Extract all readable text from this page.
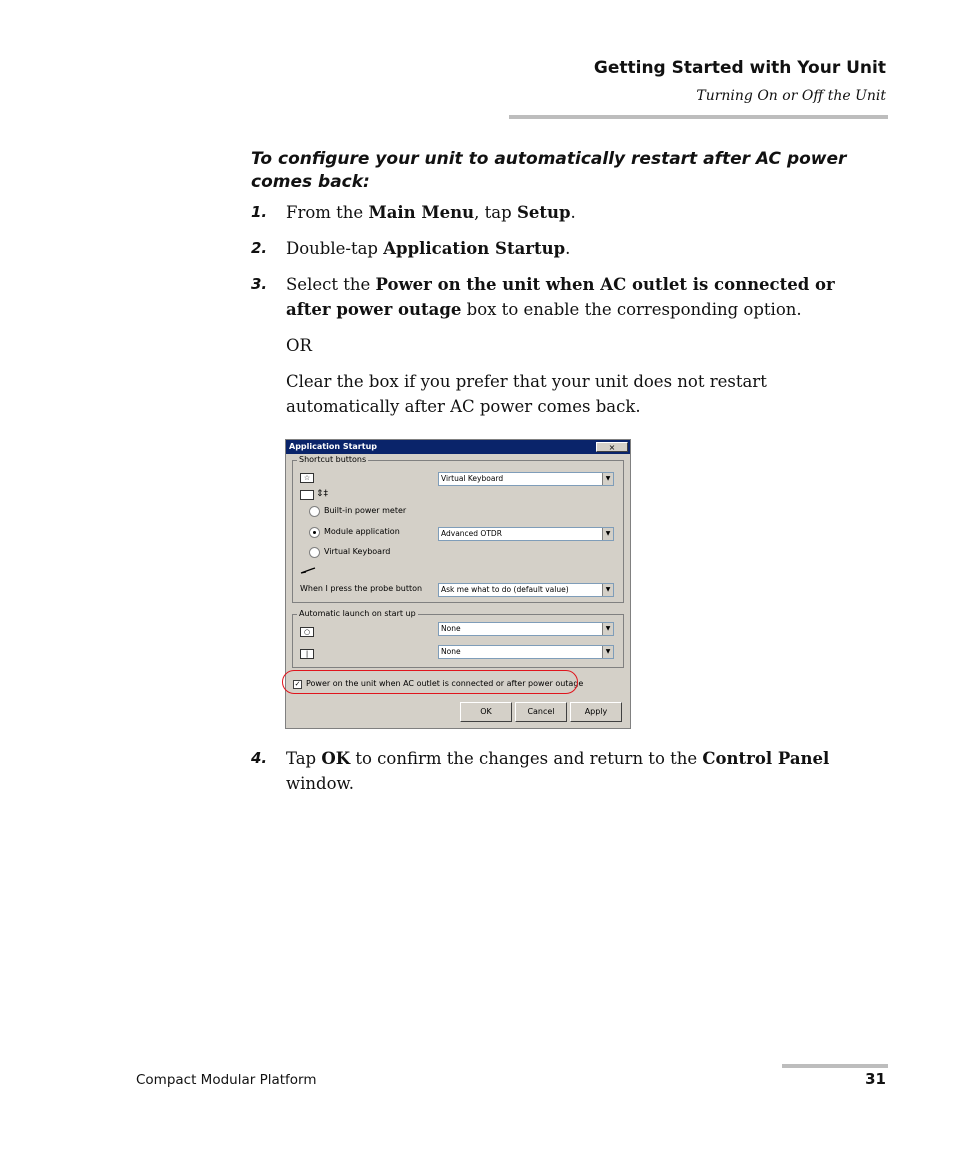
Getting Started with Your Unit
Turning On or Off the Unit
To configure your unit to automatically restart after AC power comes back:
1. From the Main Menu, tap Setup.
2. Double-tap Application Startup.
3. Select the Power on the unit when AC outlet is connected or after power outage box to enable the corresponding option.
OR
Clear the box if you prefer that your unit does not restart automatically after AC power comes back.
Application Startup	×
Shortcut buttons
☆	Virtual Keyboard	▼
⇕‡
Built-in power meter
Module application	Advanced OTDR	▼
Virtual Keyboard
When I press the probe button	Ask me what to do (default value)	▼
Automatic launch on start up
○	None	▼
|	None	▼
✓ Power on the unit when AC outlet is connected or after power outage
OK	Cancel	Apply
4. Tap OK to confirm the changes and return to the Control Panel window.
Compact Modular Platform	31
